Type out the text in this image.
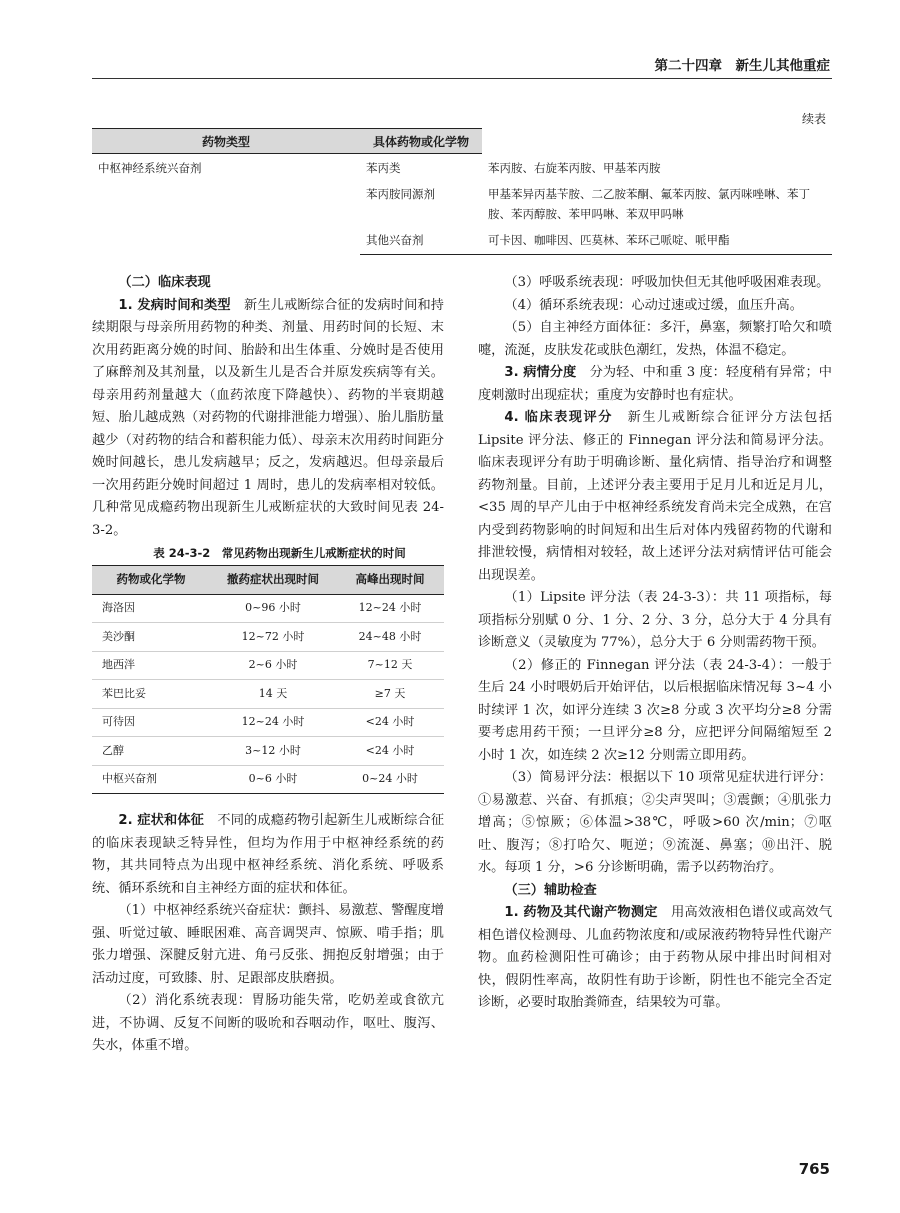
第二十四章　新生儿其他重症
续表
药物类型	具体药物或化学物	
中枢神经系统兴奋剂	苯丙类	苯丙胺、右旋苯丙胺、甲基苯丙胺
	苯丙胺同源剂	甲基苯异丙基苄胺、二乙胺苯酮、氟苯丙胺、氯丙咪唑啉、苯丁胺、苯丙醇胺、苯甲吗啉、苯双甲吗啉
	其他兴奋剂	可卡因、咖啡因、匹莫林、苯环己哌啶、哌甲酯

（二）临床表现

1. 发病时间和类型　新生儿戒断综合征的发病时间和持续期限与母亲所用药物的种类、剂量、用药时间的长短、末次用药距离分娩的时间、胎龄和出生体重、分娩时是否使用了麻醉剂及其剂量，以及新生儿是否合并原发疾病等有关。母亲用药剂量越大（血药浓度下降越快）、药物的半衰期越短、胎儿越成熟（对药物的代谢排泄能力增强）、胎儿脂肪量越少（对药物的结合和蓄积能力低）、母亲末次用药时间距分娩时间越长，患儿发病越早；反之，发病越迟。但母亲最后一次用药距分娩时间超过 1 周时，患儿的发病率相对较低。几种常见成瘾药物出现新生儿戒断症状的大致时间见表 24-3-2。

表 24-3-2　常见药物出现新生儿戒断症状的时间

药物或化学物	撤药症状出现时间	高峰出现时间
海洛因	0~96 小时	12~24 小时
美沙酮	12~72 小时	24~48 小时
地西泮	2~6 小时	7~12 天
苯巴比妥	14 天	≥7 天
可待因	12~24 小时	<24 小时
乙醇	3~12 小时	<24 小时
中枢兴奋剂	0~6 小时	0~24 小时

2. 症状和体征　不同的成瘾药物引起新生儿戒断综合征的临床表现缺乏特异性，但均为作用于中枢神经系统的药物，其共同特点为出现中枢神经系统、消化系统、呼吸系统、循环系统和自主神经方面的症状和体征。

（1）中枢神经系统兴奋症状：颤抖、易激惹、警醒度增强、听觉过敏、睡眠困难、高音调哭声、惊厥、啃手指；肌张力增强、深腱反射亢进、角弓反张、拥抱反射增强；由于活动过度，可致膝、肘、足跟部皮肤磨损。

（2）消化系统表现：胃肠功能失常，吃奶差或食欲亢进，不协调、反复不间断的吸吮和吞咽动作，呕吐、腹泻、失水，体重不增。

（3）呼吸系统表现：呼吸加快但无其他呼吸困难表现。

（4）循环系统表现：心动过速或过缓，血压升高。

（5）自主神经方面体征：多汗，鼻塞，频繁打哈欠和喷嚏，流涎，皮肤发花或肤色潮红，发热，体温不稳定。

3. 病情分度　分为轻、中和重 3 度：轻度稍有异常；中度刺激时出现症状；重度为安静时也有症状。

4. 临床表现评分　新生儿戒断综合征评分方法包括 Lipsite 评分法、修正的 Finnegan 评分法和简易评分法。临床表现评分有助于明确诊断、量化病情、指导治疗和调整药物剂量。目前，上述评分表主要用于足月儿和近足月儿，<35 周的早产儿由于中枢神经系统发育尚未完全成熟，在宫内受到药物影响的时间短和出生后对体内残留药物的代谢和排泄较慢，病情相对较轻，故上述评分法对病情评估可能会出现误差。

（1）Lipsite 评分法（表 24-3-3）：共 11 项指标，每项指标分别赋 0 分、1 分、2 分、3 分，总分大于 4 分具有诊断意义（灵敏度为 77%），总分大于 6 分则需药物干预。

（2）修正的 Finnegan 评分法（表 24-3-4）：一般于生后 24 小时喂奶后开始评估，以后根据临床情况每 3~4 小时续评 1 次，如评分连续 3 次≥8 分或 3 次平均分≥8 分需要考虑用药干预；一旦评分≥8 分，应把评分间隔缩短至 2 小时 1 次，如连续 2 次≥12 分则需立即用药。

（3）简易评分法：根据以下 10 项常见症状进行评分：①易激惹、兴奋、有抓痕；②尖声哭叫；③震颤；④肌张力增高；⑤惊厥；⑥体温>38℃，呼吸>60 次/min；⑦呕吐、腹泻；⑧打哈欠、呃逆；⑨流涎、鼻塞；⑩出汗、脱水。每项 1 分，>6 分诊断明确，需予以药物治疗。

（三）辅助检查

1. 药物及其代谢产物测定　用高效液相色谱仪或高效气相色谱仪检测母、儿血药物浓度和/或尿液药物特异性代谢产物。血药检测阳性可确诊；由于药物从尿中排出时间相对快，假阴性率高，故阴性有助于诊断，阴性也不能完全否定诊断，必要时取胎粪筛查，结果较为可靠。

765
